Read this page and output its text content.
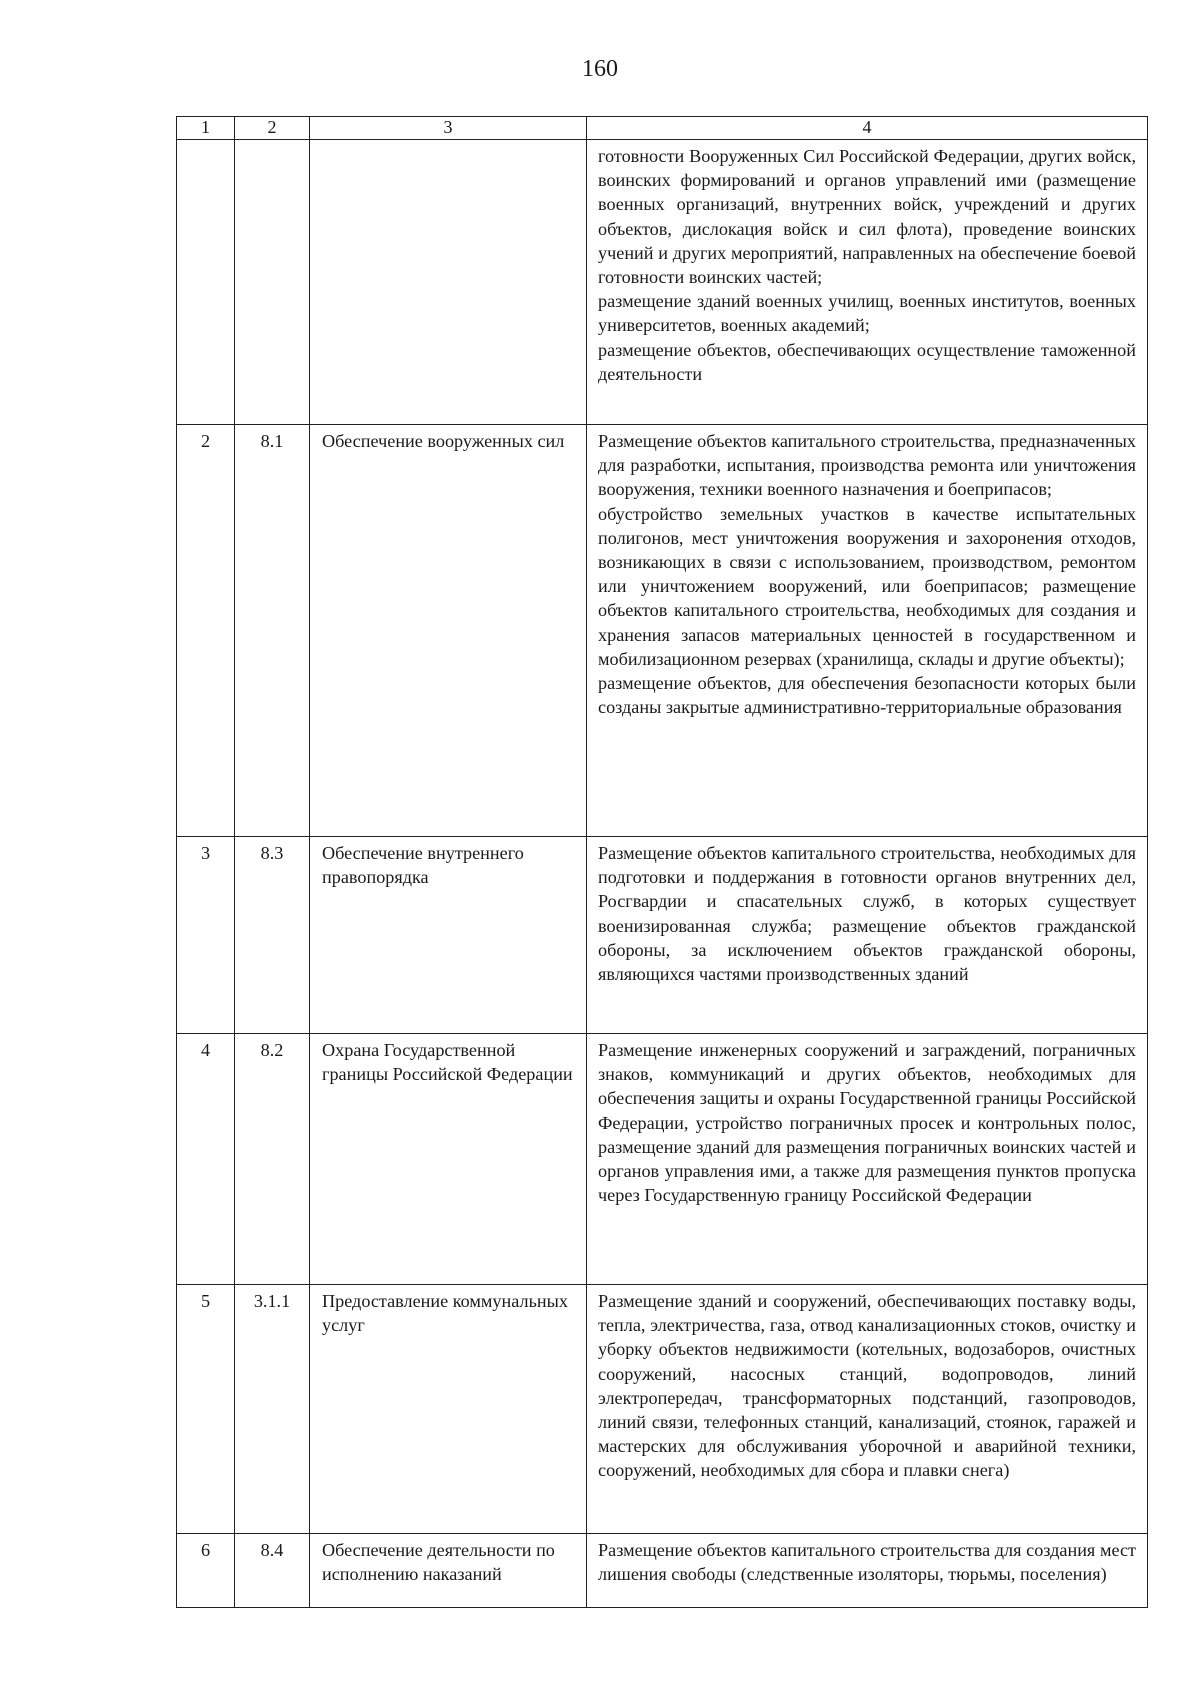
160
1	2	3	4

			готовности Вооруженных Сил Российской Федерации, других войск, воинских формирований и органов управлений ими (размещение военных организаций, внутренних войск, учреждений и других объектов, дислокация войск и сил флота), проведение воинских учений и других мероприятий, направленных на обеспечение боевой готовности воинских частей;

размещение зданий военных училищ, военных институтов, военных университетов, военных академий;

размещение объектов, обеспечивающих осуществление таможенной деятельности

2	8.1	Обеспечение вооруженных сил	Размещение объектов капитального строительства, предназначенных для разработки, испытания, производства ремонта или уничтожения вооружения, техники военного назначения и боеприпасов;

обустройство земельных участков в качестве испытательных полигонов, мест уничтожения вооружения и захоронения отходов, возникающих в связи с использованием, производством, ремонтом или уничтожением вооружений, или боеприпасов; размещение объектов капитального строительства, необходимых для создания и хранения запасов материальных ценностей в государственном и мобилизационном резервах (хранилища, склады и другие объекты);

размещение объектов, для обеспечения безопасности которых были созданы закрытые административно-территориальные образования

3	8.3	Обеспечение внутреннего правопорядка	Размещение объектов капитального строительства, необходимых для подготовки и поддержания в готовности органов внутренних дел, Росгвардии и спасательных служб, в которых существует военизированная служба; размещение объектов гражданской обороны, за исключением объектов гражданской обороны, являющихся частями производственных зданий

4	8.2	Охрана Государственной границы Российской Федерации	Размещение инженерных сооружений и заграждений, пограничных знаков, коммуникаций и других объектов, необходимых для обеспечения защиты и охраны Государственной границы Российской Федерации, устройство пограничных просек и контрольных полос, размещение зданий для размещения пограничных воинских частей и органов управления ими, а также для размещения пунктов пропуска через Государственную границу Российской Федерации

5	3.1.1	Предоставление коммунальных услуг	Размещение зданий и сооружений, обеспечивающих поставку воды, тепла, электричества, газа, отвод канализационных стоков, очистку и уборку объектов недвижимости (котельных, водозаборов, очистных сооружений, насосных станций, водопроводов, линий электропередач, трансформаторных подстанций, газопроводов, линий связи, телефонных станций, канализаций, стоянок, гаражей и мастерских для обслуживания уборочной и аварийной техники, сооружений, необходимых для сбора и плавки снега)

6	8.4	Обеспечение деятельности по исполнению наказаний	Размещение объектов капитального строительства для создания мест лишения свободы (следственные изоляторы, тюрьмы, поселения)
